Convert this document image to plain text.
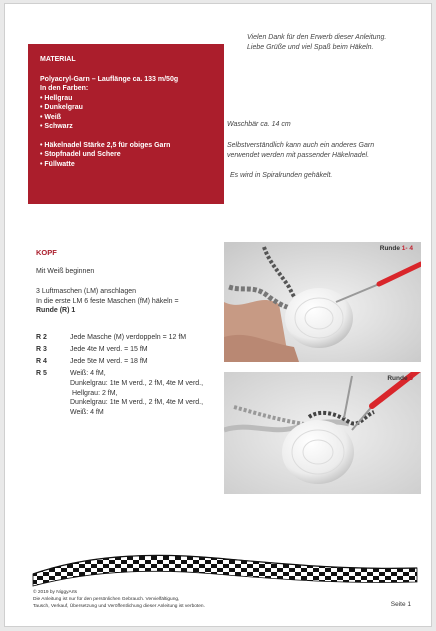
Vielen Dank für den Erwerb dieser Anleitung.
Liebe Grüße und viel Spaß beim Häkeln.
MATERIAL
Polyacryl-Garn – Lauflänge ca. 133 m/50g
In den Farben:
• Hellgrau
• Dunkelgrau
• Weiß
• Schwarz
• Häkelnadel Stärke 2,5 für obiges Garn
• Stopfnadel und Schere
• Füllwatte
Waschbär ca. 14 cm
Selbstverständlich kann auch ein anderes Garn
verwendet werden mit passender Häkelnadel.
Es wird in Spiralrunden gehäkelt.
KOPF
Mit Weiß beginnen
3 Luftmaschen (LM) anschlagen
In die erste LM 6 feste Maschen (fM) häkeln =
Runde (R) 1
R 2	Jede Masche (M) verdoppeln = 12 fM
R 3	Jede 4te M verd. = 15 fM
R 4	Jede 5te M verd. = 18 fM
R 5	Weiß: 4 fM,
Dunkelgrau: 1te M verd., 2 fM, 4te M verd.,
Hellgrau: 2 fM,
Dunkelgrau: 1te M verd., 2 fM, 4te M verd.,
Weiß: 4 fM
Runde 1- 4
Runde 5
© 2019 by NiggyArts
Die Anleitung ist nur für den persönlichen Gebrauch. Vervielfältigung,
Tausch, Verkauf, Übersetzung und Veröffentlichung dieser Anleitung ist verboten.	Seite 1
